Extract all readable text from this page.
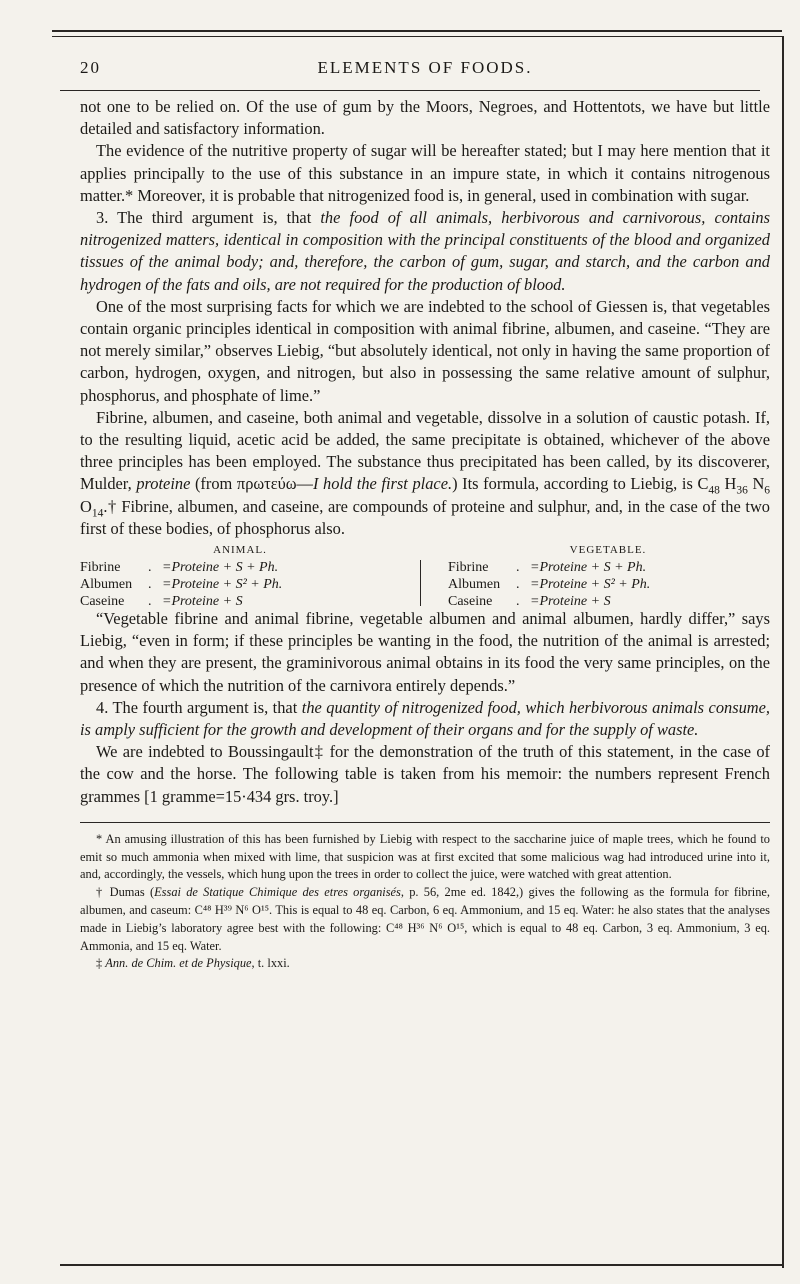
20	ELEMENTS OF FOODS.

not one to be relied on. Of the use of gum by the Moors, Negroes, and Hottentots, we have but little detailed and satisfactory information.

The evidence of the nutritive property of sugar will be hereafter stated; but I may here mention that it applies principally to the use of this substance in an impure state, in which it contains nitrogenous matter.* Moreover, it is probable that nitrogenized food is, in general, used in combination with sugar.

3. The third argument is, that the food of all animals, herbivorous and carnivorous, contains nitrogenized matters, identical in composition with the principal constituents of the blood and organized tissues of the animal body; and, therefore, the carbon of gum, sugar, and starch, and the carbon and hydrogen of the fats and oils, are not required for the production of blood.

One of the most surprising facts for which we are indebted to the school of Giessen is, that vegetables contain organic principles identical in composition with animal fibrine, albumen, and caseine. “They are not merely similar,” observes Liebig, “but absolutely identical, not only in having the same proportion of carbon, hydrogen, oxygen, and nitrogen, but also in possessing the same relative amount of sulphur, phosphorus, and phosphate of lime.”

Fibrine, albumen, and caseine, both animal and vegetable, dissolve in a solution of caustic potash. If, to the resulting liquid, acetic acid be added, the same precipitate is obtained, whichever of the above three principles has been employed. The substance thus precipitated has been called, by its discoverer, Mulder, proteine (from πρωτεύω—I hold the first place.) Its formula, according to Liebig, is $C_{48}$ $H_{36}$ $N_6$ $O_{14}.\dagger$ Fibrine, albumen, and caseine, are compounds of proteine and sulphur, and, in the case of the two first of these bodies, of phosphorus also.

ANIMAL.
Fibrine . =Proteine + S + Ph.
Albumen . =Proteine + S² + Ph.
Caseine . =Proteine + S
VEGETABLE.
Fibrine . =Proteine + S + Ph.
Albumen . =Proteine + S² + Ph.
Caseine . =Proteine + S

“Vegetable fibrine and animal fibrine, vegetable albumen and animal albumen, hardly differ,” says Liebig, “even in form; if these principles be wanting in the food, the nutrition of the animal is arrested; and when they are present, the graminivorous animal obtains in its food the very same principles, on the presence of which the nutrition of the carnivora entirely depends.”

4. The fourth argument is, that the quantity of nitrogenized food, which herbivorous animals consume, is amply sufficient for the growth and development of their organs and for the supply of waste.

We are indebted to Boussingault‡ for the demonstration of the truth of this statement, in the case of the cow and the horse. The following table is taken from his memoir: the numbers represent French grammes [1 gramme=15·434 grs. troy.]

* An amusing illustration of this has been furnished by Liebig with respect to the saccharine juice of maple trees, which he found to emit so much ammonia when mixed with lime, that suspicion was at first excited that some malicious wag had introduced urine into it, and, accordingly, the vessels, which hung upon the trees in order to collect the juice, were watched with great attention.

† Dumas (Essai de Statique Chimique des etres organisés, p. 56, 2me ed. 1842,) gives the following as the formula for fibrine, albumen, and caseum: C⁴⁸ H³⁹ N⁶ O¹⁵. This is equal to 48 eq. Carbon, 6 eq. Ammonium, and 15 eq. Water: he also states that the analyses made in Liebig’s laboratory agree best with the following: C⁴⁸ H³⁶ N⁶ O¹⁵, which is equal to 48 eq. Carbon, 3 eq. Ammonium, 3 eq. Ammonia, and 15 eq. Water.

‡ Ann. de Chim. et de Physique, t. lxxi.
